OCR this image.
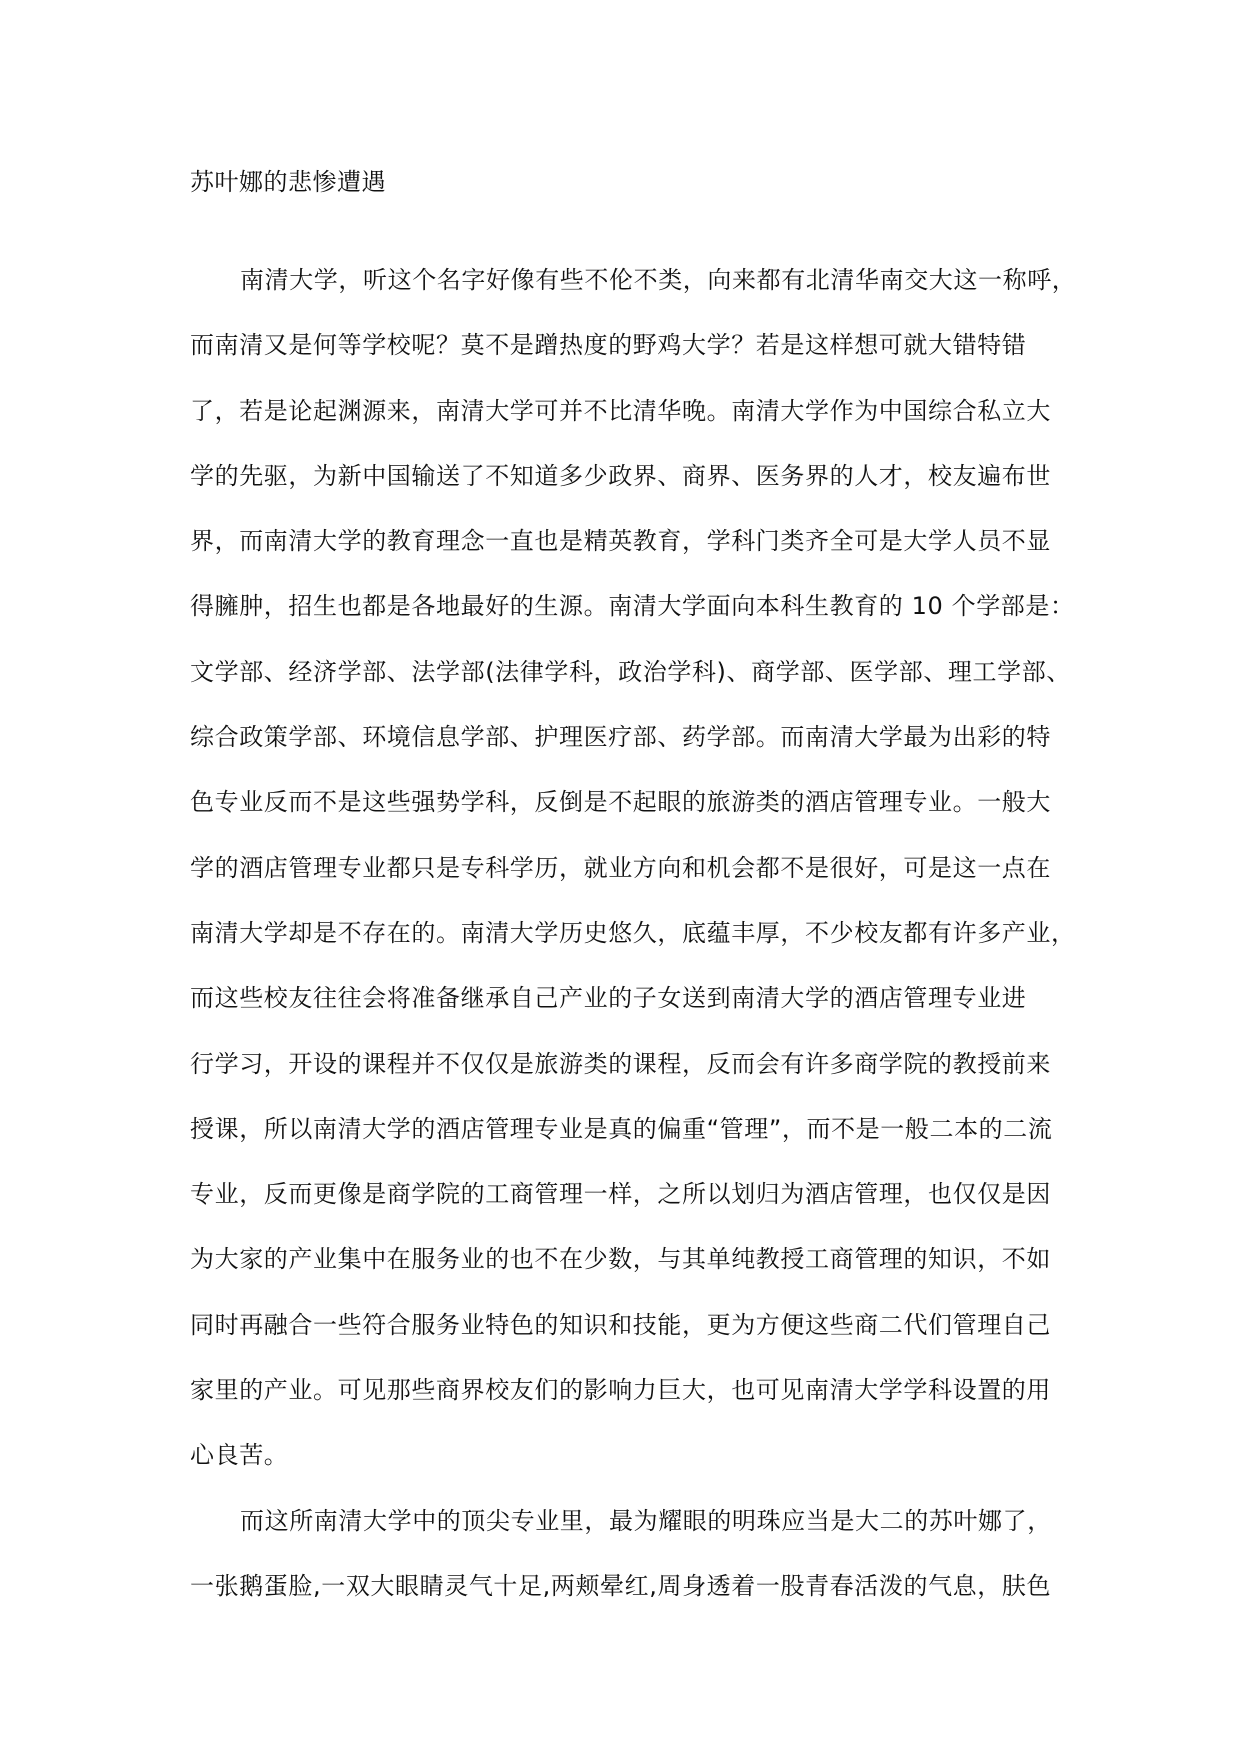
苏叶娜的悲惨遭遇
南清大学，听这个名字好像有些不伦不类，向来都有北清华南交大这一称呼，
而南清又是何等学校呢？莫不是蹭热度的野鸡大学？若是这样想可就大错特错
了，若是论起渊源来，南清大学可并不比清华晚。南清大学作为中国综合私立大
学的先驱，为新中国输送了不知道多少政界、商界、医务界的人才，校友遍布世
界，而南清大学的教育理念一直也是精英教育，学科门类齐全可是大学人员不显
得臃肿，招生也都是各地最好的生源。南清大学面向本科生教育的 10 个学部是：
文学部、经济学部、法学部(法律学科，政治学科)、商学部、医学部、理工学部、
综合政策学部、环境信息学部、护理医疗部、药学部。而南清大学最为出彩的特
色专业反而不是这些强势学科，反倒是不起眼的旅游类的酒店管理专业。一般大
学的酒店管理专业都只是专科学历，就业方向和机会都不是很好，可是这一点在
南清大学却是不存在的。南清大学历史悠久，底蕴丰厚，不少校友都有许多产业，
而这些校友往往会将准备继承自己产业的子女送到南清大学的酒店管理专业进
行学习，开设的课程并不仅仅是旅游类的课程，反而会有许多商学院的教授前来
授课，所以南清大学的酒店管理专业是真的偏重“管理”，而不是一般二本的二流
专业，反而更像是商学院的工商管理一样，之所以划归为酒店管理，也仅仅是因
为大家的产业集中在服务业的也不在少数，与其单纯教授工商管理的知识，不如
同时再融合一些符合服务业特色的知识和技能，更为方便这些商二代们管理自己
家里的产业。可见那些商界校友们的影响力巨大，也可见南清大学学科设置的用
心良苦。
而这所南清大学中的顶尖专业里，最为耀眼的明珠应当是大二的苏叶娜了，
一张鹅蛋脸,一双大眼睛灵气十足,两颊晕红,周身透着一股青春活泼的气息，肤色
